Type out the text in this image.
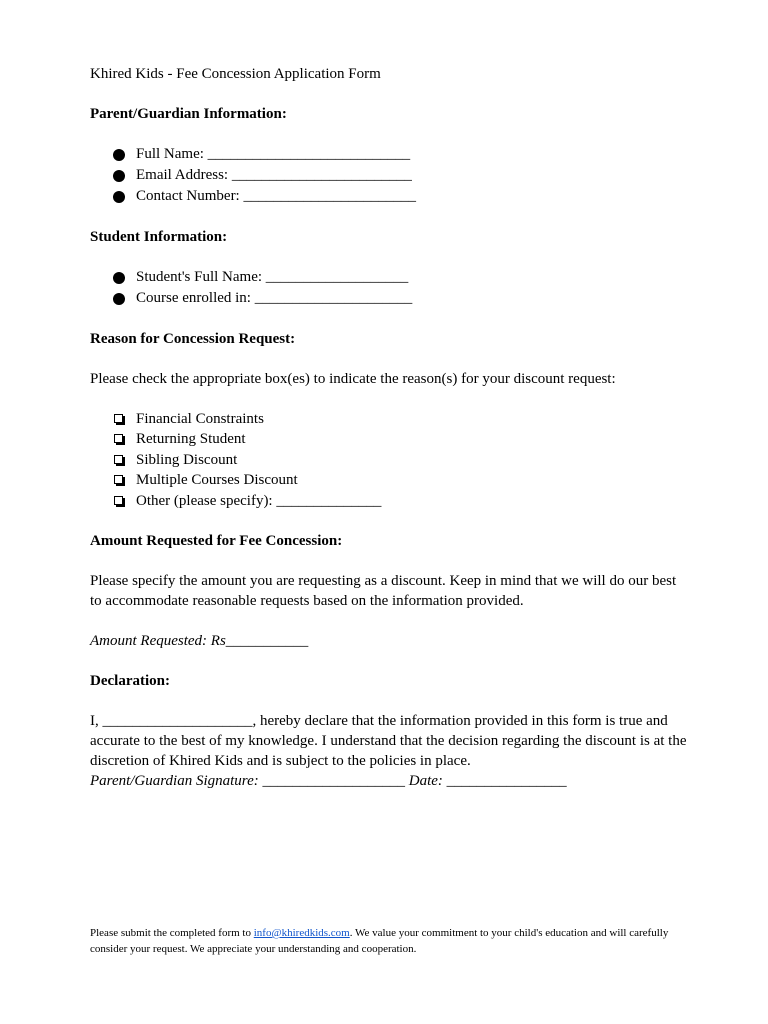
Khired Kids - Fee Concession Application Form
Parent/Guardian Information:
Full Name: ___________________________
Email Address: ________________________
Contact Number: _______________________
Student Information:
Student's Full Name: ___________________
Course enrolled in: _____________________
Reason for Concession Request:
Please check the appropriate box(es) to indicate the reason(s) for your discount request:
Financial Constraints
Returning Student
Sibling Discount
Multiple Courses Discount
Other (please specify): ______________
Amount Requested for Fee Concession:
Please specify the amount you are requesting as a discount. Keep in mind that we will do our best to accommodate reasonable requests based on the information provided.
Amount Requested: Rs___________
Declaration:
I, ____________________, hereby declare that the information provided in this form is true and accurate to the best of my knowledge. I understand that the decision regarding the discount is at the discretion of Khired Kids and is subject to the policies in place.
Parent/Guardian Signature: ___________________ Date: ________________
Please submit the completed form to info@khiredkids.com. We value your commitment to your child's education and will carefully consider your request. We appreciate your understanding and cooperation.
